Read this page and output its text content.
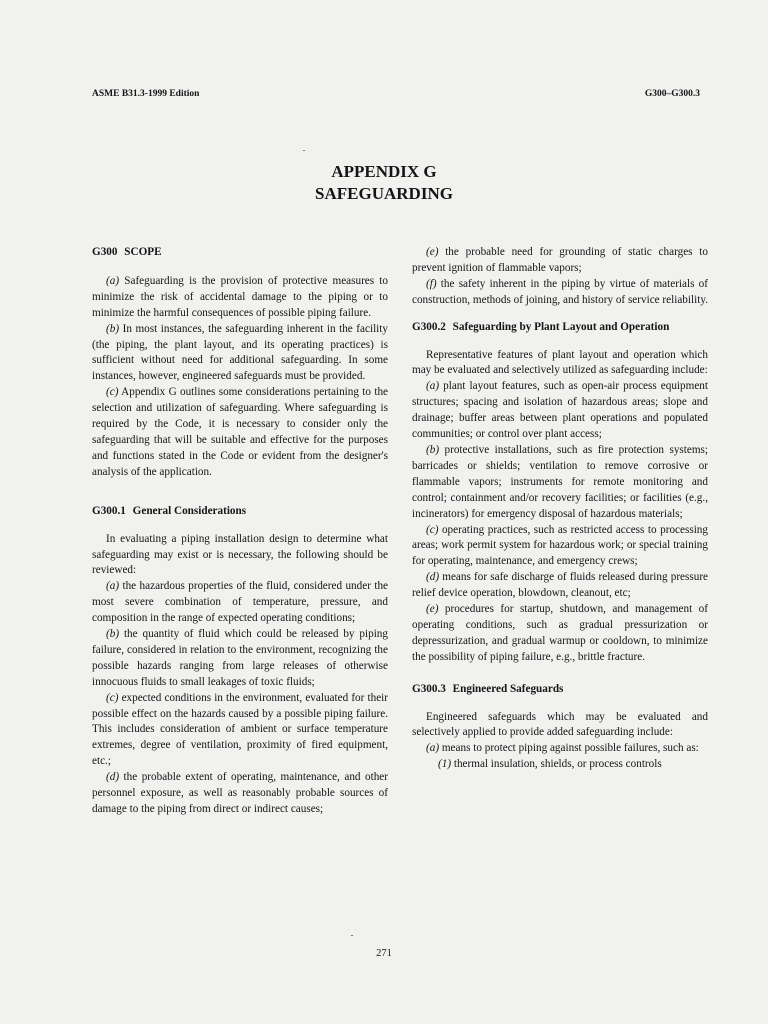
ASME B31.3-1999 Edition	G300–G300.3
APPENDIX G
SAFEGUARDING
G300 SCOPE

(a) Safeguarding is the provision of protective measures to minimize the risk of accidental damage to the piping or to minimize the harmful consequences of possible piping failure.

(b) In most instances, the safeguarding inherent in the facility (the piping, the plant layout, and its operating practices) is sufficient without need for additional safeguarding. In some instances, however, engineered safeguards must be provided.

(c) Appendix G outlines some considerations pertaining to the selection and utilization of safeguarding. Where safeguarding is required by the Code, it is necessary to consider only the safeguarding that will be suitable and effective for the purposes and functions stated in the Code or evident from the designer's analysis of the application.

G300.1 General Considerations

In evaluating a piping installation design to determine what safeguarding may exist or is necessary, the following should be reviewed:

(a) the hazardous properties of the fluid, considered under the most severe combination of temperature, pressure, and composition in the range of expected operating conditions;

(b) the quantity of fluid which could be released by piping failure, considered in relation to the environment, recognizing the possible hazards ranging from large releases of otherwise innocuous fluids to small leakages of toxic fluids;

(c) expected conditions in the environment, evaluated for their possible effect on the hazards caused by a possible piping failure. This includes consideration of ambient or surface temperature extremes, degree of ventilation, proximity of fired equipment, etc.;

(d) the probable extent of operating, maintenance, and other personnel exposure, as well as reasonably probable sources of damage to the piping from direct or indirect causes;

(e) the probable need for grounding of static charges to prevent ignition of flammable vapors;

(f) the safety inherent in the piping by virtue of materials of construction, methods of joining, and history of service reliability.

G300.2 Safeguarding by Plant Layout and Operation

Representative features of plant layout and operation which may be evaluated and selectively utilized as safeguarding include:

(a) plant layout features, such as open-air process equipment structures; spacing and isolation of hazardous areas; slope and drainage; buffer areas between plant operations and populated communities; or control over plant access;

(b) protective installations, such as fire protection systems; barricades or shields; ventilation to remove corrosive or flammable vapors; instruments for remote monitoring and control; containment and/or recovery facilities; or facilities (e.g., incinerators) for emergency disposal of hazardous materials;

(c) operating practices, such as restricted access to processing areas; work permit system for hazardous work; or special training for operating, maintenance, and emergency crews;

(d) means for safe discharge of fluids released during pressure relief device operation, blowdown, cleanout, etc;

(e) procedures for startup, shutdown, and management of operating conditions, such as gradual pressurization or depressurization, and gradual warmup or cooldown, to minimize the possibility of piping failure, e.g., brittle fracture.

G300.3 Engineered Safeguards

Engineered safeguards which may be evaluated and selectively applied to provide added safeguarding include:

(a) means to protect piping against possible failures, such as:

(1) thermal insulation, shields, or process controls

271
